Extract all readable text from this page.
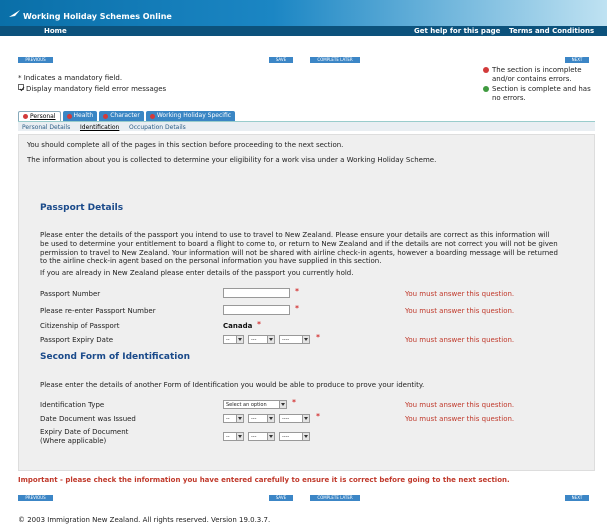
Working Holiday Schemes Online
Home	Get help for this page Terms and Conditions
PREVIOUS	SAVE	COMPLETE LATER	NEXT
* Indicates a mandatory field.
Display mandatory field error messages
The section is incomplete and/or contains errors.
Section is complete and has no errors.
Personal	Health	Character	Working Holiday Specific
Personal Details Identification Occupation Details
You should complete all of the pages in this section before proceeding to the next section.
The information about you is collected to determine your eligibility for a work visa under a Working Holiday Scheme.
Passport Details
Please enter the details of the passport you intend to use to travel to New Zealand. Please ensure your details are correct as this information will be used to determine your entitlement to board a flight to come to, or return to New Zealand and if the details are not correct you will not be given permission to travel to New Zealand. Your information will not be shared with airline check-in agents, however a boarding message will be returned to the airline check-in agent based on the personal information you have supplied in this section.
If you are already in New Zealand please enter details of the passport you currently hold.
Passport Number	*	You must answer this question.
Please re-enter Passport Number	*	You must answer this question.
Citizenship of Passport	Canada *
Passport Expiry Date	--	---	----	*	You must answer this question.
Second Form of Identification
Please enter the details of another Form of Identification you would be able to produce to prove your identity.
Identification Type	Select an option	*	You must answer this question.
Date Document was Issued	--	---	----	*	You must answer this question.
Expiry Date of Document
(Where applicable)	--	---	----
Important - please check the information you have entered carefully to ensure it is correct before going to the next section.
PREVIOUS	SAVE	COMPLETE LATER	NEXT
© 2003 Immigration New Zealand. All rights reserved. Version 19.0.3.7.
